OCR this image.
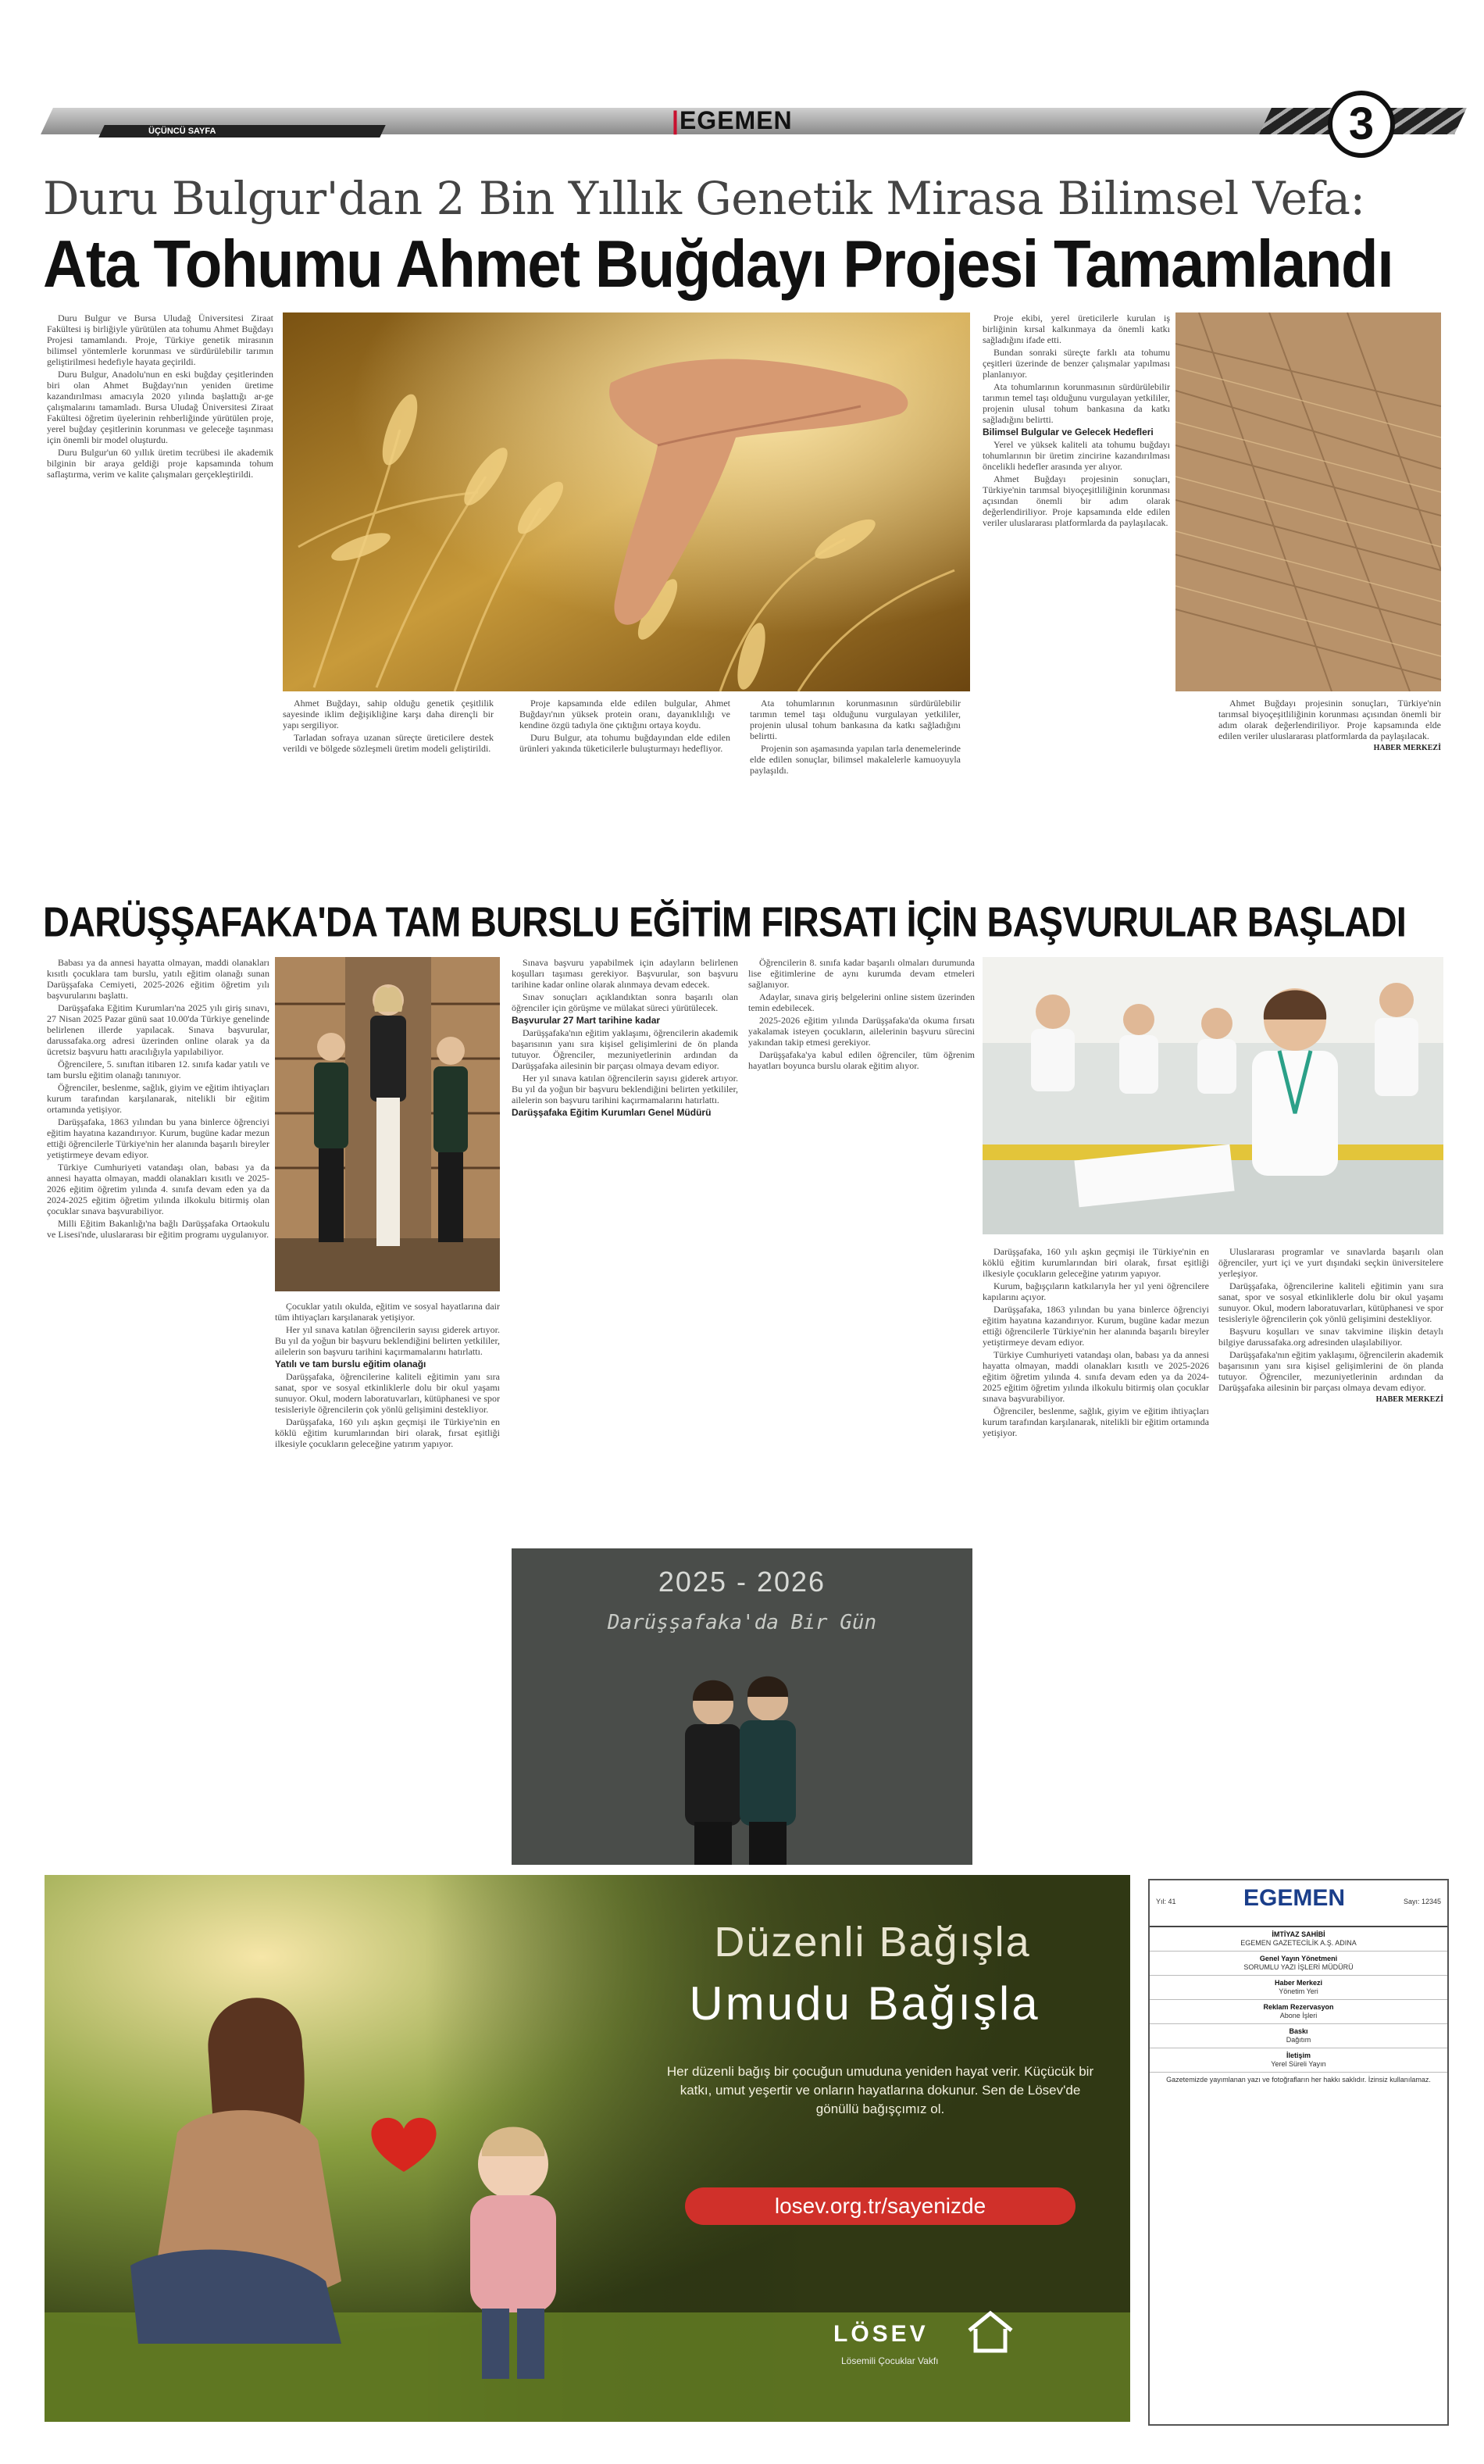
ÜÇÜNCÜ SAYFA	|EGEMEN	3
Duru Bulgur'dan 2 Bin Yıllık Genetik Mirasa Bilimsel Vefa:
Ata Tohumu Ahmet Buğdayı Projesi Tamamlandı

Duru Bulgur ve Bursa Uludağ Üniversitesi Ziraat Fakültesi iş birliğiyle yürütülen ata tohumu Ahmet Buğdayı Projesi tamamlandı. Proje, Türkiye genetik mirasının bilimsel yöntemlerle korunması ve sürdürülebilir tarımın geliştirilmesi hedefiyle hayata geçirildi.

Duru Bulgur, Anadolu'nun en eski buğday çeşitlerinden biri olan Ahmet Buğdayı'nın yeniden üretime kazandırılması amacıyla 2020 yılında başlattığı ar-ge çalışmalarını tamamladı. Bursa Uludağ Üniversitesi Ziraat Fakültesi öğretim üyelerinin rehberliğinde yürütülen proje, yerel buğday çeşitlerinin korunması ve geleceğe taşınması için önemli bir model oluşturdu.

Duru Bulgur'un 60 yıllık üretim tecrübesi ile akademik bilginin bir araya geldiği proje kapsamında tohum saflaştırma, verim ve kalite çalışmaları gerçekleştirildi.

Ahmet Buğdayı, sahip olduğu genetik çeşitlilik sayesinde iklim değişikliğine karşı daha dirençli bir yapı sergiliyor.

Tarladan sofraya uzanan süreçte üreticilere destek verildi ve bölgede sözleşmeli üretim modeli geliştirildi.

Proje kapsamında elde edilen bulgular, Ahmet Buğdayı'nın yüksek protein oranı, dayanıklılığı ve kendine özgü tadıyla öne çıktığını ortaya koydu.

Duru Bulgur, ata tohumu buğdayından elde edilen ürünleri yakında tüketicilerle buluşturmayı hedefliyor.

Ata tohumlarının korunmasının sürdürülebilir tarımın temel taşı olduğunu vurgulayan yetkililer, projenin ulusal tohum bankasına da katkı sağladığını belirtti.

Projenin son aşamasında yapılan tarla denemelerinde elde edilen sonuçlar, bilimsel makalelerle kamuoyuyla paylaşıldı.

Proje ekibi, yerel üreticilerle kurulan iş birliğinin kırsal kalkınmaya da önemli katkı sağladığını ifade etti.

Bundan sonraki süreçte farklı ata tohumu çeşitleri üzerinde de benzer çalışmalar yapılması planlanıyor.

Ata tohumlarının korunmasının sürdürülebilir tarımın temel taşı olduğunu vurgulayan yetkililer, projenin ulusal tohum bankasına da katkı sağladığını belirtti.

Bilimsel Bulgular ve Gelecek Hedefleri

Yerel ve yüksek kaliteli ata tohumu buğdayı tohumlarının bir üretim zincirine kazandırılması öncelikli hedefler arasında yer alıyor.

Ahmet Buğdayı projesinin sonuçları, Türkiye'nin tarımsal biyoçeşitliliğinin korunması açısından önemli bir adım olarak değerlendiriliyor. Proje kapsamında elde edilen veriler uluslararası platformlarda da paylaşılacak.

Ahmet Buğdayı projesinin sonuçları, Türkiye'nin tarımsal biyoçeşitliliğinin korunması açısından önemli bir adım olarak değerlendiriliyor. Proje kapsamında elde edilen veriler uluslararası platformlarda da paylaşılacak.

HABER MERKEZİ

DARÜŞŞAFAKA'DA TAM BURSLU EĞİTİM FIRSATI İÇİN BAŞVURULAR BAŞLADI

Babası ya da annesi hayatta olmayan, maddi olanakları kısıtlı çocuklara tam burslu, yatılı eğitim olanağı sunan Darüşşafaka Cemiyeti, 2025-2026 eğitim öğretim yılı başvurularını başlattı.

Darüşşafaka Eğitim Kurumları'na 2025 yılı giriş sınavı, 27 Nisan 2025 Pazar günü saat 10.00'da Türkiye genelinde belirlenen illerde yapılacak. Sınava başvurular, darussafaka.org adresi üzerinden online olarak ya da ücretsiz başvuru hattı aracılığıyla yapılabiliyor.

Öğrencilere, 5. sınıftan itibaren 12. sınıfa kadar yatılı ve tam burslu eğitim olanağı tanınıyor.

Öğrenciler, beslenme, sağlık, giyim ve eğitim ihtiyaçları kurum tarafından karşılanarak, nitelikli bir eğitim ortamında yetişiyor.

Darüşşafaka, 1863 yılından bu yana binlerce öğrenciyi eğitim hayatına kazandırıyor. Kurum, bugüne kadar mezun ettiği öğrencilerle Türkiye'nin her alanında başarılı bireyler yetiştirmeye devam ediyor.

Türkiye Cumhuriyeti vatandaşı olan, babası ya da annesi hayatta olmayan, maddi olanakları kısıtlı ve 2025-2026 eğitim öğretim yılında 4. sınıfa devam eden ya da 2024-2025 eğitim öğretim yılında ilkokulu bitirmiş olan çocuklar sınava başvurabiliyor.

Milli Eğitim Bakanlığı'na bağlı Darüşşafaka Ortaokulu ve Lisesi'nde, uluslararası bir eğitim programı uygulanıyor.

Çocuklar yatılı okulda, eğitim ve sosyal hayatlarına dair tüm ihtiyaçları karşılanarak yetişiyor.

Her yıl sınava katılan öğrencilerin sayısı giderek artıyor. Bu yıl da yoğun bir başvuru beklendiğini belirten yetkililer, ailelerin son başvuru tarihini kaçırmamalarını hatırlattı.

Yatılı ve tam burslu eğitim olanağı

Darüşşafaka, öğrencilerine kaliteli eğitimin yanı sıra sanat, spor ve sosyal etkinliklerle dolu bir okul yaşamı sunuyor. Okul, modern laboratuvarları, kütüphanesi ve spor tesisleriyle öğrencilerin çok yönlü gelişimini destekliyor.

Darüşşafaka, 160 yılı aşkın geçmişi ile Türkiye'nin en köklü eğitim kurumlarından biri olarak, fırsat eşitliği ilkesiyle çocukların geleceğine yatırım yapıyor.

Sınava başvuru yapabilmek için adayların belirlenen koşulları taşıması gerekiyor. Başvurular, son başvuru tarihine kadar online olarak alınmaya devam edecek.

Sınav sonuçları açıklandıktan sonra başarılı olan öğrenciler için görüşme ve mülakat süreci yürütülecek.

Başvurular 27 Mart tarihine kadar

Darüşşafaka'nın eğitim yaklaşımı, öğrencilerin akademik başarısının yanı sıra kişisel gelişimlerini de ön planda tutuyor. Öğrenciler, mezuniyetlerinin ardından da Darüşşafaka ailesinin bir parçası olmaya devam ediyor.

Her yıl sınava katılan öğrencilerin sayısı giderek artıyor. Bu yıl da yoğun bir başvuru beklendiğini belirten yetkililer, ailelerin son başvuru tarihini kaçırmamalarını hatırlattı.

Darüşşafaka Eğitim Kurumları Genel Müdürü

Öğrencilerin 8. sınıfa kadar başarılı olmaları durumunda lise eğitimlerine de aynı kurumda devam etmeleri sağlanıyor.

Adaylar, sınava giriş belgelerini online sistem üzerinden temin edebilecek.

2025-2026 eğitim yılında Darüşşafaka'da okuma fırsatı yakalamak isteyen çocukların, ailelerinin başvuru sürecini yakından takip etmesi gerekiyor.

Darüşşafaka'ya kabul edilen öğrenciler, tüm öğrenim hayatları boyunca burslu olarak eğitim alıyor.

2025 - 2026
Darüşşafaka'da Bir Gün

Darüşşafaka, 160 yılı aşkın geçmişi ile Türkiye'nin en köklü eğitim kurumlarından biri olarak, fırsat eşitliği ilkesiyle çocukların geleceğine yatırım yapıyor.

Kurum, bağışçıların katkılarıyla her yıl yeni öğrencilere kapılarını açıyor.

Darüşşafaka, 1863 yılından bu yana binlerce öğrenciyi eğitim hayatına kazandırıyor. Kurum, bugüne kadar mezun ettiği öğrencilerle Türkiye'nin her alanında başarılı bireyler yetiştirmeye devam ediyor.

Türkiye Cumhuriyeti vatandaşı olan, babası ya da annesi hayatta olmayan, maddi olanakları kısıtlı ve 2025-2026 eğitim öğretim yılında 4. sınıfa devam eden ya da 2024-2025 eğitim öğretim yılında ilkokulu bitirmiş olan çocuklar sınava başvurabiliyor.

Öğrenciler, beslenme, sağlık, giyim ve eğitim ihtiyaçları kurum tarafından karşılanarak, nitelikli bir eğitim ortamında yetişiyor.

Uluslararası programlar ve sınavlarda başarılı olan öğrenciler, yurt içi ve yurt dışındaki seçkin üniversitelere yerleşiyor.

Darüşşafaka, öğrencilerine kaliteli eğitimin yanı sıra sanat, spor ve sosyal etkinliklerle dolu bir okul yaşamı sunuyor. Okul, modern laboratuvarları, kütüphanesi ve spor tesisleriyle öğrencilerin çok yönlü gelişimini destekliyor.

Başvuru koşulları ve sınav takvimine ilişkin detaylı bilgiye darussafaka.org adresinden ulaşılabiliyor.

Darüşşafaka'nın eğitim yaklaşımı, öğrencilerin akademik başarısının yanı sıra kişisel gelişimlerini de ön planda tutuyor. Öğrenciler, mezuniyetlerinin ardından da Darüşşafaka ailesinin bir parçası olmaya devam ediyor.

HABER MERKEZİ

Düzenli Bağışla
Umudu Bağışla
Her düzenli bağış bir çocuğun umuduna yeniden hayat verir. Küçücük bir katkı, umut yeşertir ve onların hayatlarına dokunur. Sen de Lösev'de gönüllü bağışçımız ol.
losev.org.tr/sayenizde
LÖSEV
Lösemili Çocuklar Vakfı
Yıl: 41	EGEMEN	Sayı: 12345
İMTİYAZ SAHİBİ
EGEMEN GAZETECİLİK A.Ş. ADINA
Genel Yayın Yönetmeni
SORUMLU YAZI İŞLERİ MÜDÜRÜ
Haber Merkezi
Yönetim Yeri
Reklam Rezervasyon
Abone İşleri
Baskı
Dağıtım
İletişim
Yerel Süreli Yayın
Gazetemizde yayımlanan yazı ve fotoğrafların her hakkı saklıdır. İzinsiz kullanılamaz.
